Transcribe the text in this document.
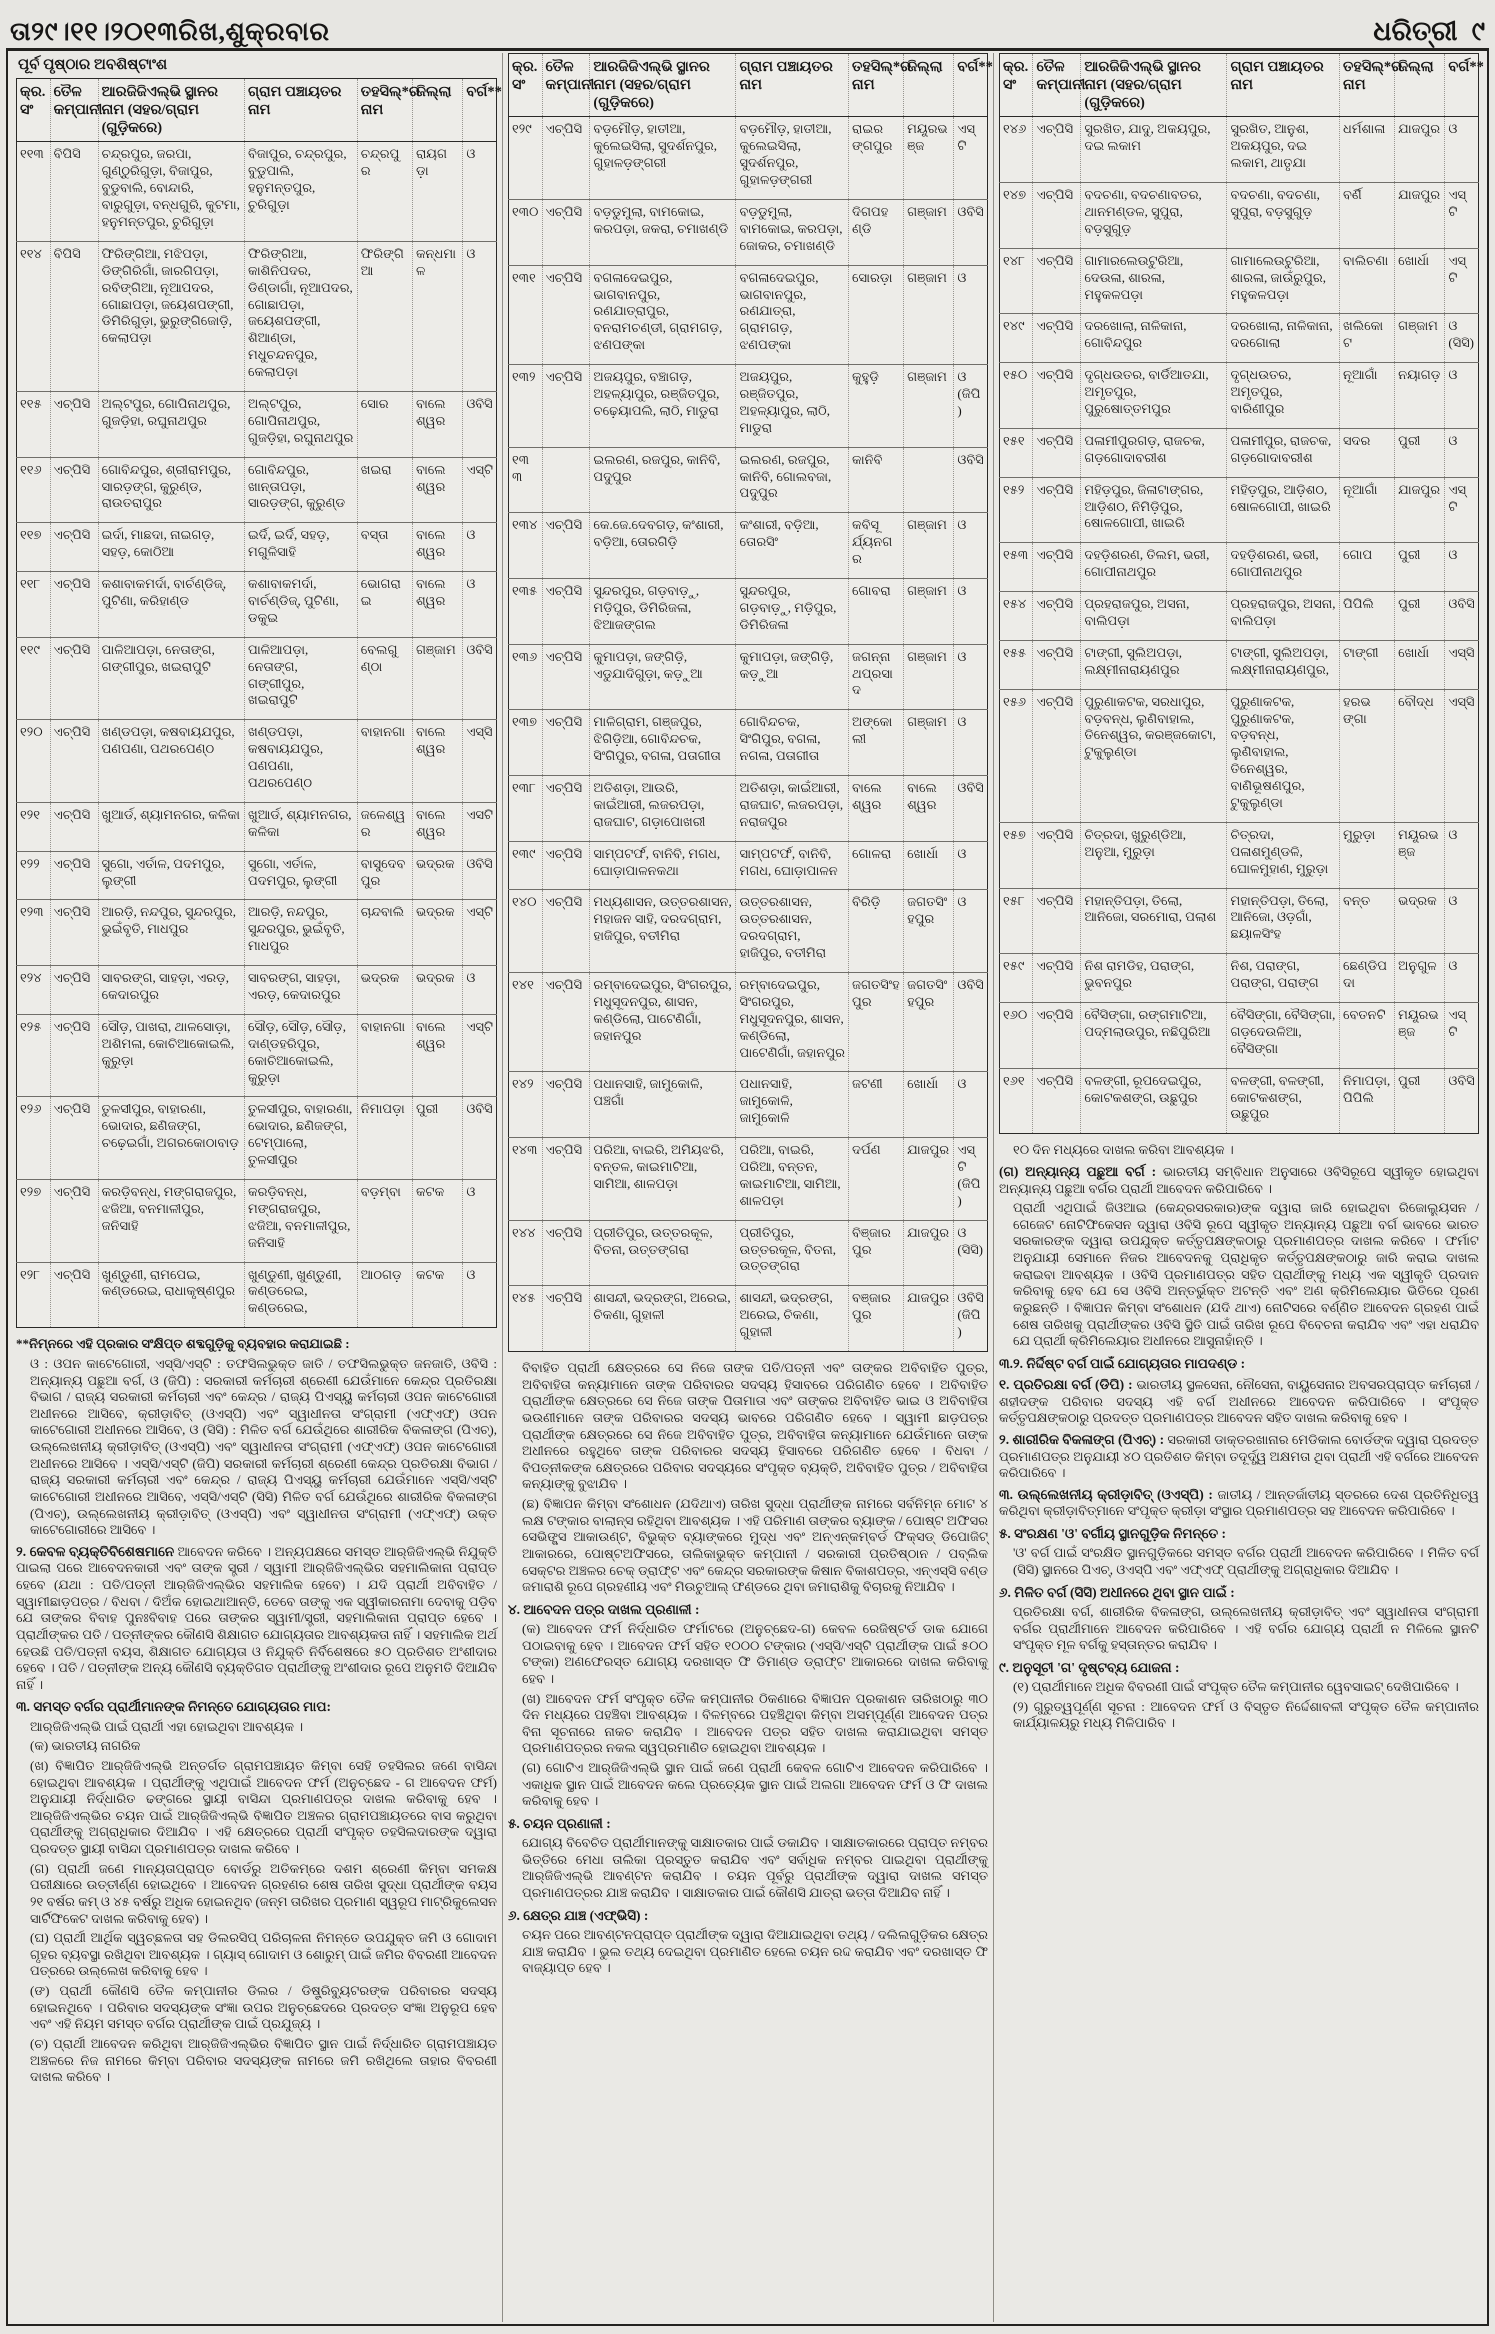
ତା୨୯।୧୧।୨୦୧୩ରିଖ,ଶୁକ୍ରବାର	ଧରିତ୍ରୀ ୯
ପୂର୍ବ ପୃଷ୍ଠାର ଅବଶିଷ୍ଟାଂଶ
କ୍ର. ସଂ	ତୈଳ କମ୍ପାନୀ	ଆରଜିଜିଏଲ୍‌ଭି ସ୍ଥାନର ନାମ (ସହର/ଗ୍ରାମ (ଗୁଡ଼ିକରେ)	ଗ୍ରାମ ପଞ୍ଚାୟତର ନାମ	ତହସିଲ୍‌*ର ନାମ	ଜିଲ୍ଲା	ବର୍ଗ**
୧୧୩	ବିପିସି	ଚନ୍ଦ୍ରପୁର, ଜରପା, ଗୁଣ୍ଠୁରିଗୁଡ଼ା, ବିଜାପୁର, ବୁଡୁବାଲି, ବୋନ୍ଦାରି, ବାରୁଗୁଡ଼ା, ବନ୍ଧଗୁରି, କୁଟମା, ହନୁମନ୍ତପୁର, ଚୁରିଗୁଡ଼ା	ବିଜାପୁର, ଚନ୍ଦ୍ରପୁର, ବୁଡୁପାଲି, ହନୁମନ୍ତପୁର, ଚୁରିଗୁଡ଼ା	ଚନ୍ଦ୍ରପୁର	ରାୟଗଡ଼ା	ଓ
୧୧୪	ବିପିସି	ଫିରିଙ୍ଗିଆ, ମଝିପଡ଼ା, ଡିଙ୍ଗିରିଗାଁ, ଜାରଗିପଡ଼ା, ରବିଙ୍ଗିଆ, ନୂଆପଦର, ଗୋଛାପଡ଼ା, ଜୟେଶପଙ୍ଗୀ, ଡିମିରିଗୁଡ଼ା, ଭୁରୁଙ୍ଗିଜୋଡ଼ି, କେଲାପଡ଼ା	ଫିରିଙ୍ଗିଆ, କାଶିନିପଦର, ଡିଣ୍ଡାଗାଁ, ନୂଆପଦର, ଗୋଛାପଡ଼ା, ଜୟେଶପଙ୍ଗୀ, ଶିଆଣ୍ଡା, ମଧୁଚନ୍ଦନପୁର, କେଲାପଡ଼ା	ଫିରିଙ୍ଗିଆ	କନ୍ଧମାଳ	ଓ
୧୧୫	ଏଚ୍‌ପିସି	ଅଲ୍ଟପୁର, ଗୋପିନାଥପୁର, ଗୁଜଡ଼ିହା, ରଘୁନାଥପୁର	ଅଲ୍ଟପୁର, ଗୋପିନାଥପୁର, ଗୁଜଡ଼ିହା, ରଘୁନାଥପୁର	ସୋର	ବାଲେଶ୍ୱର	ଓବିସି
୧୧୬	ଏଚ୍‌ପିସି	ଗୋବିନ୍ଦପୁର, ଶ୍ରୀରାମପୁର, ସାରଡ଼ଙ୍ଗ, କୁରୁଣ୍ଡ, ରାଉତରାପୁର	ଗୋବିନ୍ଦପୁର, ଖାନ୍ତାପଡ଼ା, ସାରଡ଼ଙ୍ଗ, କୁରୁଣ୍ଡ	ଖଇରା	ବାଲେଶ୍ୱର	ଏସ୍‌ଟି
୧୧୭	ଏଚ୍‌ପିସି	ଇର୍ଦା, ମାଛଦା, ନାଇଗଡ଼, ସହଡ଼, କୋଠିଆ	ଇର୍ଦି, ଇର୍ଦି, ସହଡ଼, ମଗୁଳିସାହି	ବସ୍ତା	ବାଲେଶ୍ୱର	ଓ
୧୧୮	ଏଚ୍‌ପିସି	କଶାବାକମର୍ଦା, ବାର୍ଚଣ୍ଡିଜ୍, ପୁଟିଣା, କରିହାଣ୍ଡ	କଶାବାକମର୍ଦା, ବାର୍ଚଣ୍ଡିଜ୍, ପୁଟିଣା, ଡକୁଇ	ଭୋଗରାଇ	ବାଲେଶ୍ୱର	ଓ
୧୧୯	ଏଚ୍‌ପିସି	ପାଳିଆପଡ଼ା, ନେତାଙ୍ଗ, ଗଙ୍ଗୀପୁର, ଖଇରାପୁଟି	ପାଳିଆପଡ଼ା, ନେତାଙ୍ଗ, ଗଙ୍ଗୀପୁର, ଖଇରାପୁଟି	ବେଲଗୁଣ୍ଠା	ଗଞ୍ଜାମ	ଓବିସି
୧୨୦	ଏଚ୍‌ପିସି	ଖଣ୍ଡପଡ଼ା, କଷବାୟଯପୁର, ପଣପଣା, ପଥରପେଣ୍ଠ	ଖଣ୍ଡପଡ଼ା, କଷବାୟଯପୁର, ପଣପଣା, ପଥରପେଣ୍ଠ	ବାହାନଗା	ବାଲେଶ୍ୱର	ଏସ୍‌ସି
୧୨୧	ଏଚ୍‌ପିସି	ଖୁଆର୍ଡ, ଶ୍ୟାମନଗର, କଳିକା	ଖୁଆର୍ଡ, ଶ୍ୟାମନଗର, କଳିକା	ଜଳେଶ୍ୱର	ବାଲେଶ୍ୱର	ଏସଟି
୧୨୨	ଏଚ୍‌ପିସି	ସୁଗୋ, ଏର୍ତାଳ, ପଦମପୁର, ଲୁଙ୍ଗୀ	ସୁଗୋ, ଏର୍ତାଳ, ପଦମପୁର, ଲୁଙ୍ଗୀ	ବାସୁଦେବପୁର	ଭଦ୍ରକ	ଓବିସି
୧୨୩	ଏଚ୍‌ପିସି	ଆରଡ଼ି, ନନ୍ଦପୁର, ସୁନ୍ଦରପୁର, ଭୁଇଁବୃତି, ମାଧପୁର	ଆରଡ଼ି, ନନ୍ଦପୁର, ସୁନ୍ଦରପୁର, ଭୁଇଁବୃତି, ମାଧପୁର	ଚାନ୍ଦବାଲି	ଭଦ୍ରକ	ଏସ୍‌ଟି
୧୨୪	ଏଚ୍‌ପିସି	ସାବରଙ୍ଗ, ସାହଡ଼ା, ଏରଡ଼, କେଦାରପୁର	ସାବରଙ୍ଗ, ସାହଡ଼ା, ଏରଡ଼, କେଦାରପୁର	ଭଦ୍ରକ	ଭଦ୍ରକ	ଓ
୧୨୫	ଏଚ୍‌ପିସି	ସୌଡ଼, ପାଖରା, ଥାଳସୋଡ଼ା, ଅଶିମଳା, କୋଚିଆକୋଇଲି, କୁରୁଡ଼ା	ସୌଡ଼, ସୌଡ଼, ସୌଡ଼, ଦାଣ୍ଡହରିପୁର, କୋଚିଆକୋଇଲି, କୁରୁଡ଼ା	ବାହାନଗା	ବାଲେଶ୍ୱର	ଏସ୍‌ଟି
୧୨୬	ଏଚ୍‌ପିସି	ତୁଳସୀପୁର, ବାହାରଣା, ଭୋଦାର, ଛଣିଜଙ୍ଗ, ଚଢ଼େଇଗାଁ, ଅଗରକୋଠାବାଡ଼	ତୁଳସୀପୁର, ବାହାରଣା, ଭୋଦାର, ଛଣିଜଙ୍ଗ, ଟେମ୍ପାଲୋ, ତୁଳସୀପୁର	ନିମାପଡ଼ା	ପୁରୀ	ଓବିସି
୧୨୭	ଏଚ୍‌ପିସି	କରଡ଼ିବନ୍ଧ, ମଙ୍ଗରାଜପୁର, ଝଜିଆ, ବନମାଳୀପୁର, ଜନିସାହି	କରଡ଼ିବନ୍ଧ, ମଙ୍ଗରାଜପୁର, ଝଜିଆ, ବନମାଳୀପୁର, ଜନିସାହି	ବଡ଼ମ୍ବା	କଟକ	ଓ
୧୨୮	ଏଚ୍‌ପିସି	ଖୁଣ୍ଡୁଣୀ, ରାମପେଇ, କଣ୍ଡରେଇ, ରାଧାକୃଷ୍ଣପୁର	ଖୁଣ୍ଡୁଣୀ, ଖୁଣ୍ଡୁଣୀ, କଣ୍ଡରେଇ, କଣ୍ଡରେଇ,	ଆଠଗଡ଼	କଟକ	ଓ

**ନିମ୍ନରେ ଏହି ପ୍ରକାର ସଂକ୍ଷିପ୍ତ ଶବ୍ଦଗୁଡ଼ିକୁ ବ୍ୟବହାର କରାଯାଇଛି :

ଓ : ଓପନ କାଟେଗୋରୀ, ଏସ୍‌ସି/ଏସ୍‌ଟି : ତଫସିଲଭୁକ୍ତ ଜାତି / ତଫସିଲଭୁକ୍ତ ଜନଜାତି, ଓବିସି : ଅନ୍ୟାନ୍ୟ ପଛୁଆ ବର୍ଗ, ଓ (ଜିପି) : ସରକାରୀ କର୍ମଚାରୀ ଶ୍ରେଣୀ ଯେଉଁମାନେ କେନ୍ଦ୍ର ପ୍ରତିରକ୍ଷା ବିଭାଗ / ରାଜ୍ୟ ସରକାରୀ କର୍ମଚାରୀ ଏବଂ କେନ୍ଦ୍ର / ରାଜ୍ୟ ପିଏସ୍‌ୟୁ କର୍ମଚାରୀ ଓପନ କାଟେଗୋରୀ ଅଧୀନରେ ଆସିବେ, କ୍ରୀଡ଼ାବିତ୍ (ଓଏସ୍‌ପି) ଏବଂ ସ୍ୱାଧୀନତା ସଂଗ୍ରାମୀ (ଏଫ୍‌ଏଫ୍) ଓପନ କାଟେଗୋରୀ ଅଧୀନରେ ଆସିବେ, ଓ (ସିସି) : ମିଳିତ ବର୍ଗ ଯେଉଁଥିରେ ଶାରୀରିକ ବିକଳାଙ୍ଗ (ପିଏଚ୍), ଉଲ୍ଲେଖନୀୟ କ୍ରୀଡ଼ାବିତ୍ (ଓଏସ୍‌ପି) ଏବଂ ସ୍ୱାଧୀନତା ସଂଗ୍ରାମୀ (ଏଫ୍‌ଏଫ୍) ଓପନ କାଟେଗୋରୀ ଅଧୀନରେ ଆସିବେ । ଏସ୍‌ସି/ଏସ୍‌ଟି (ଜିପି) ସରକାରୀ କର୍ମଚାରୀ ଶ୍ରେଣୀ କେନ୍ଦ୍ର ପ୍ରତିରକ୍ଷା ବିଭାଗ / ରାଜ୍ୟ ସରକାରୀ କର୍ମଚାରୀ ଏବଂ କେନ୍ଦ୍ର / ରାଜ୍ୟ ପିଏସ୍‌ୟୁ କର୍ମଚାରୀ ଯେଉଁମାନେ ଏସ୍‌ସି/ଏସ୍‌ଟି କାଟେଗୋରୀ ଅଧୀନରେ ଆସିବେ, ଏସ୍‌ସି/ଏସ୍‌ଟି (ସିସି) ମିଳିତ ବର୍ଗ ଯେଉଁଥିରେ ଶାରୀରିକ ବିକଳାଙ୍ଗ (ପିଏଚ୍), ଉଲ୍ଲେଖନୀୟ କ୍ରୀଡ଼ାବିତ୍ (ଓଏସ୍‌ପି) ଏବଂ ସ୍ୱାଧୀନତା ସଂଗ୍ରାମୀ (ଏଫ୍‌ଏଫ୍) ଉକ୍ତ କାଟେଗୋରୀରେ ଆସିବେ ।

୨. କେବଳ ବ୍ୟକ୍ତିବିଶେଷମାନେ ଆବେଦନ କରିବେ । ଅନ୍ୟପକ୍ଷରେ ସମସ୍ତ ଆର୍‌ଜିଜିଏଲ୍‌ଭି ନିଯୁକ୍ତି ପାଇଲା ପରେ ଆବେଦନକାରୀ ଏବଂ ତାଙ୍କ ସ୍ତ୍ରୀ / ସ୍ୱାମୀ ଆର୍‌ଜିଜିଏଲ୍‌ଭିର ସହମାଲିକାନା ପ୍ରାପ୍ତ ହେବେ (ଯଥା : ପତି/ପତ୍ନୀ ଆର୍‌ଜିଜିଏଲ୍‌ଭିର ସହମାଲିକ ହେବେ) । ଯଦି ପ୍ରାର୍ଥୀ ଅବିବାହିତ / ସ୍ୱାମୀଛାଡ଼ପତ୍ର / ବିଧବା / ଦିଅଁକ ହୋଇଥାଆନ୍ତି, ତେବେ ତାଙ୍କୁ ଏକ ସ୍ୱୀକାରନାମା ଦେବାକୁ ପଡ଼ିବ ଯେ ତାଙ୍କର ବିବାହ ପୁନଃବିବାହ ପରେ ତାଙ୍କର ସ୍ୱାମୀ/ସ୍ତ୍ରୀ, ସହମାଲିକାନା ପ୍ରାପ୍ତ ହେବେ । ପ୍ରାର୍ଥୀଙ୍କର ପତି / ପତ୍ନୀଙ୍କର କୌଣସି ଶିକ୍ଷାଗତ ଯୋଗ୍ୟତାର ଆବଶ୍ୟକତା ନାହିଁ । ସହମାଲିକ ଅର୍ଥ ହେଉଛି ପତି/ପତ୍ନୀ ବୟସ, ଶିକ୍ଷାଗତ ଯୋଗ୍ୟତା ଓ ନିଯୁକ୍ତି ନିର୍ବିଶେଷରେ ୫୦ ପ୍ରତିଶତ ଅଂଶୀଦାର ହେବେ । ପତି / ପତ୍ନୀଙ୍କ ଅନ୍ୟ କୌଣସି ବ୍ୟକ୍ତିଗତ ପ୍ରାର୍ଥୀଙ୍କୁ ଅଂଶୀଦାର ରୂପେ ଅନୁମତି ଦିଆଯିବ ନାହିଁ ।

୩. ସମସ୍ତ ବର୍ଗର ପ୍ରାର୍ଥୀମାନଙ୍କ ନିମନ୍ତେ ଯୋଗ୍ୟତାର ମାପ:

ଆର୍‌ଜିଜିଏଲ୍‌ଭି ପାଇଁ ପ୍ରାର୍ଥୀ ଏହା ହୋଇଥିବା ଆବଶ୍ୟକ ।

(କ) ଭାରତୀୟ ନାଗରିକ

(ଖ) ବିଜ୍ଞାପିତ ଆର୍‌ଜିଜିଏଲ୍‌ଭି ଅନ୍ତର୍ଗତ ଗ୍ରାମପଞ୍ଚାୟତ କିମ୍ବା ସେହି ତହସିଲର ଜଣେ ବାସିନ୍ଦା ହୋଇଥିବା ଆବଶ୍ୟକ । ପ୍ରାର୍ଥୀଙ୍କୁ ଏଥିପାଇଁ ଆବେଦନ ଫର୍ମ (ଅନୁଚ୍ଛେଦ - ଗ ଆବେଦନ ଫର୍ମ) ଅନୁଯାୟୀ ନିର୍ଦ୍ଧାରିତ ଢଙ୍ଗରେ ସ୍ଥାୟୀ ବାସିନ୍ଦା ପ୍ରମାଣପତ୍ର ଦାଖଲ କରିବାକୁ ହେବ । ଆର୍‌ଜିଜିଏଲ୍‌ଭିର ଚୟନ ପାଇଁ ଆର୍‌ଜିଜିଏଲ୍‌ଭି ବିଜ୍ଞାପିତ ଅଞ୍ଚଳର ଗ୍ରାମପଞ୍ଚାୟତରେ ବାସ କରୁଥିବା ପ୍ରାର୍ଥୀଙ୍କୁ ଅଗ୍ରାଧିକାର ଦିଆଯିବ । ଏହି କ୍ଷେତ୍ରରେ ପ୍ରାର୍ଥୀ ସଂପୃକ୍ତ ତହସିଲଦାରଙ୍କ ଦ୍ୱାରା ପ୍ରଦତ୍ତ ସ୍ଥାୟୀ ବାସିନ୍ଦା ପ୍ରମାଣପତ୍ର ଦାଖଲ କରିବେ ।

(ଗ) ପ୍ରାର୍ଥୀ ଜଣେ ମାନ୍ୟତାପ୍ରାପ୍ତ ବୋର୍ଡରୁ ଅତିକମ୍‌ରେ ଦଶମ ଶ୍ରେଣୀ କିମ୍ବା ସମକକ୍ଷ ପରୀକ୍ଷାରେ ଉତ୍ତୀର୍ଣ୍ଣ ହୋଇଥିବେ । ଆବେଦନ ଗ୍ରହଣର ଶେଷ ତାରିଖ ସୁଦ୍ଧା ପ୍ରାର୍ଥୀଙ୍କ ବୟସ ୨୧ ବର୍ଷର କମ୍ ଓ ୪୫ ବର୍ଷରୁ ଅଧିକ ହୋଇନଥିବ (ଜନ୍ମ ତାରିଖର ପ୍ରମାଣ ସ୍ୱରୂପ ମାଟ୍ରିକୁଲେସନ ସାର୍ଟିଫିକେଟ ଦାଖଲ କରିବାକୁ ହେବ) ।

(ଘ) ପ୍ରାର୍ଥୀ ଆର୍ଥିକ ସ୍ୱଚ୍ଛଳତା ସହ ଡିଲରସିପ୍ ପରିଚାଳନା ନିମନ୍ତେ ଉପଯୁକ୍ତ ଜମି ଓ ଗୋଦାମ ଗୃହର ବ୍ୟବସ୍ଥା ରଖିଥିବା ଆବଶ୍ୟକ । ଗ୍ୟାସ୍ ଗୋଦାମ ଓ ଶୋରୁମ୍ ପାଇଁ ଜମିର ବିବରଣୀ ଆବେଦନ ପତ୍ରରେ ଉଲ୍ଲେଖ କରିବାକୁ ହେବ ।

(ଙ) ପ୍ରାର୍ଥୀ କୌଣସି ତୈଳ କମ୍ପାନୀର ଡିଲର / ଡିଷ୍ଟ୍ରିବ୍ୟୁଟରଙ୍କ ପରିବାରର ସଦସ୍ୟ ହୋଇନଥିବେ । ପରିବାର ସଦସ୍ୟଙ୍କ ସଂଜ୍ଞା ଉପର ଅନୁଚ୍ଛେଦରେ ପ୍ରଦତ୍ତ ସଂଜ୍ଞା ଅନୁରୂପ ହେବ ଏବଂ ଏହି ନିୟମ ସମସ୍ତ ବର୍ଗର ପ୍ରାର୍ଥୀଙ୍କ ପାଇଁ ପ୍ରଯୁଜ୍ୟ ।

(ଚ) ପ୍ରାର୍ଥୀ ଆବେଦନ କରିଥିବା ଆର୍‌ଜିଜିଏଲ୍‌ଭିର ବିଜ୍ଞାପିତ ସ୍ଥାନ ପାଇଁ ନିର୍ଦ୍ଧାରିତ ଗ୍ରାମପଞ୍ଚାୟତ ଅଞ୍ଚଳରେ ନିଜ ନାମରେ କିମ୍ବା ପରିବାର ସଦସ୍ୟଙ୍କ ନାମରେ ଜମି ରଖିଥିଲେ ତାହାର ବିବରଣୀ ଦାଖଲ କରିବେ ।

କ୍ର. ସଂ	ତୈଳ କମ୍ପାନୀ	ଆରଜିଜିଏଲ୍‌ଭି ସ୍ଥାନର ନାମ (ସହର/ଗ୍ରାମ (ଗୁଡ଼ିକରେ)	ଗ୍ରାମ ପଞ୍ଚାୟତର ନାମ	ତହସିଲ୍‌*ର ନାମ	ଜିଲ୍ଲା	ବର୍ଗ**
୧୨୯	ଏଚ୍‌ପିସି	ବଡ଼ମୌଡ଼, ହାତୀଆ, କୁଲେଇସିଲା, ସୁଦର୍ଶନପୁର, ଗୁହାଳଡ଼ଙ୍ଗରୀ	ବଡ଼ମୌଡ଼, ହାତୀଆ, କୁଲେଇସିଲା, ସୁଦର୍ଶନପୁର, ଗୁହାଳଡ଼ଙ୍ଗରୀ	ରାଇରଙ୍ଗପୁର	ମୟୂରଭଞ୍ଜ	ଏସ୍‌ଟି
୧୩୦	ଏଚ୍‌ପିସି	ବଡ଼ଡୁମୁଲା, ବାମକୋଇ, କରପଡ଼ା, ଜକରା, ଚମାଖଣ୍ଡି	ବଡ଼ଡୁମୁଲା, ବାମକୋଇ, କରପଡ଼ା, ଜୋକର, ଚମାଖଣ୍ଡି	ଦିଗପହଣ୍ଡି	ଗଞ୍ଜାମ	ଓବିସି
୧୩୧	ଏଚ୍‌ପିସି	ବଗଳାଦେଇପୁର, ଭାଗବାନପୁର, ରଣଯାତ୍ରାପୁର, ବନରାମଚଣ୍ଡୀ, ଗ୍ରାମଗଡ଼, ଝଣପଙ୍କା	ବଗଳାଦେଇପୁର, ଭାଗବାନପୁର, ରଣଯାତ୍ରା, ଗ୍ରାମଗଡ଼, ଝଣପଙ୍କା	ସୋରଡ଼ା	ଗଞ୍ଜାମ	ଓ
୧୩୨	ଏଚ୍‌ପିସି	ଅଜୟପୁର, ବଞ୍ଚାଗଡ଼, ଅହଳ୍ୟାପୁର, ରଞ୍ଜିତପୁର, ଚଢ଼େୟାପଲି, ଲାଠି, ମାଡୁରା	ଅଜୟପୁର, ରଞ୍ଜିତପୁର, ଅହଳ୍ୟାପୁର, ଲାଠି, ମାଡୁରା	କୁହୁଡ଼ି	ଗଞ୍ଜାମ	ଓ (ଜିପି)
୧୩୩		ଇଲରଣ, ରଜପୁର, କାନିବି, ପଦୁପୁର	ଇଲରଣ, ରଜପୁର, କାନିବି, ଗୋଲବଜା, ପଦୁପୁର	କାନିବି		ଓବିସି
୧୩୪	ଏଚ୍‌ପିସି	କେ.ଜେ.ଦେବଗଡ଼, କଂଶାରୀ, ବଡ଼ିଆ, ତୋରଗିଡ଼ି	କଂଶାରୀ, ବଡ଼ିଆ, ତୋରସିଂ	କବିସୂର୍ଯ୍ୟନଗର	ଗଞ୍ଜାମ	ଓ
୧୩୫	ଏଚ୍‌ପିସି	ସୁନ୍ଦରପୁର, ଗଡ଼ବାଡ଼ୁ, ମଡ଼ିପୁର, ଡିମିରିଜଳା, ଝିଆଜଙ୍ଗଲ	ସୁନ୍ଦରପୁର, ଗଡ଼ବାଡ଼ୁ, ମଡ଼ିପୁର, ଡିମିରିଜଳା	ଗୋବରା	ଗଞ୍ଜାମ	ଓ
୧୩୬	ଏଚ୍‌ପିସି	କୁମାପଡ଼ା, ଜଙ୍ଗିଡ଼ି, ଏଡୁଯାଦିଗୁଡ଼ା, କଡ଼ୁଆ	କୁମାପଡ଼ା, ଜଙ୍ଗିଡ଼ି, କଡ଼ୁଆ	ଜଗନ୍ନାଥପ୍ରସାଦ	ଗଞ୍ଜାମ	ଓ
୧୩୭	ଏଚ୍‌ପିସି	ମାଳିଗ୍ରାମ, ଗଞ୍ଜପୁର, ଝିଗିଡ଼ିଆ, ଗୋବିନ୍ଦଚକ, ସିଂଗିପୁର, ବଗଳା, ପତାଗୀତା	ଗୋବିନ୍ଦଚକ, ସିଂଗିପୁର, ବଗଳା, ନଗଳା, ପତାଗୀତା	ଅଙ୍କୋଲୀ	ଗଞ୍ଜାମ	ଓ
୧୩୮	ଏଚ୍‌ପିସି	ଅତିଶଡ଼ା, ଆଉରି, କାଇଁଆରୀ, ଲଜରପଡ଼ା, ରାଜଘାଟ, ଗଡ଼ାପୋଖରୀ	ଅତିଶଡ଼ା, କାଇଁଆରୀ, ରାଜଘାଟ, ଲଜରପଡ଼ା, ନରାଜପୁର	ବାଲେଶ୍ୱର	ବାଲେଶ୍ୱର	ଓବିସି
୧୩୯	ଏଚ୍‌ପିସି	ସାମ୍ପଟର୍ଫ, ବାନିବି, ମଗଧ, ଘୋଡ଼ାପାଳନକଥା	ସାମ୍ପଟର୍ଫ, ବାନିବି, ମଗଧ, ଘୋଡ଼ାପାଳନ	ଗୋଳରା	ଖୋର୍ଧା	ଓ
୧୪୦	ଏଚ୍‌ପିସି	ମଧ୍ୟଶାସନ, ଉତ୍ତରଶାସନ, ମହାଜନ ସାହି, ଦରଦଗ୍ରାମ, ହାଜିପୁର, ବତୀମିରା	ଉତ୍ତରଶାସନ, ଉତ୍ତରଶାସନ, ଦରଦଗ୍ରାମ, ହାଜିପୁର, ବତୀମିରା	ବିରିଡ଼ି	ଜଗତସିଂହପୁର	ଓ
୧୪୧	ଏଚ୍‌ପିସି	ରମ୍ବାଦେଇପୁର, ସିଂଗରପୁର, ମଧୁସୂଦନପୁର, ଶାସନ, କଣ୍ଡିଲୋ, ପାଟେଣିଗାଁ, ଜହାନପୁର	ରମ୍ବାଦେଇପୁର, ସିଂଗରପୁର, ମଧୁସୂଦନପୁର, ଶାସନ, କଣ୍ଡିଲୋ, ପାଟେଣିଗାଁ, ଜହାନପୁର	ଜଗତସିଂହପୁର	ଜଗତସିଂହପୁର	ଓବିସି
୧୪୨	ଏଚ୍‌ପିସି	ପଧାନସାହି, ଜାମୁକୋଳି, ପଞ୍ଚଗାଁ	ପଧାନସାହି, ଜାମୁକୋଳି, ଜାମୁକୋଳି	ଜଟଣୀ	ଖୋର୍ଧା	ଓ
୧୪୩	ଏଚ୍‌ପିସି	ପରିଆ, ବାଇରି, ଅମିୟଝରି, ବନ୍ତଳ, କାଇମାଟିଆ, ସାମିଆ, ଶାଳପଡ଼ା	ପରିଆ, ବାଇରି, ପରିଆ, ବନ୍ତନ, କାଇମାଟିଆ, ସାମିଆ, ଶାଳପଡ଼ା	ଦର୍ପଣ	ଯାଜପୁର	ଏସ୍‌ଟି (ଜିପି)
୧୪୪	ଏଚ୍‌ପିସି	ପ୍ରୀତିପୁର, ଉତ୍ତରକୂଳ, ବିତନା, ଉତ୍ତଙ୍ଗରା	ପ୍ରୀତିପୁର, ଉତ୍ତରକୂଳ, ବିତନା, ଉତ୍ତଙ୍ଗରା	ବିଞ୍ଜାରପୁର	ଯାଜପୁର	ଓ (ସିସି)
୧୪୫	ଏଚ୍‌ପିସି	ଶାସନ୍ଦୀ, ଭଦ୍ରଙ୍ଗ, ଅରେଇ, ଚିକଣା, ଗୁହାଳୀ	ଶାସନ୍ଦୀ, ଭଦ୍ରଙ୍ଗ, ଅରେଇ, ଚିକଣା, ଗୁହାଳୀ	ବଞ୍ଜାରପୁର	ଯାଜପୁର	ଓବିସି (ଜିପି)

ବିବାହିତ ପ୍ରାର୍ଥୀ କ୍ଷେତ୍ରରେ ସେ ନିଜେ ତାଙ୍କ ପତି/ପତ୍ନୀ ଏବଂ ତାଙ୍କର ଅବିବାହିତ ପୁତ୍ର, ଅବିବାହିତା କନ୍ୟାମାନେ ତାଙ୍କ ପରିବାରର ସଦସ୍ୟ ହିସାବରେ ପରିଗଣିତ ହେବେ । ଅବିବାହିତ ପ୍ରାର୍ଥୀଙ୍କ କ୍ଷେତ୍ରରେ ସେ ନିଜେ ତାଙ୍କ ପିତାମାତା ଏବଂ ତାଙ୍କର ଅବିବାହିତ ଭାଇ ଓ ଅବିବାହିତା ଭଉଣୀମାନେ ତାଙ୍କ ପରିବାରର ସଦସ୍ୟ ଭାବରେ ପରିଗଣିତ ହେବେ । ସ୍ୱାମୀ ଛାଡ଼ପତ୍ର ପ୍ରାର୍ଥୀଙ୍କ କ୍ଷେତ୍ରରେ ସେ ନିଜେ ଅବିବାହିତ ପୁତ୍ର, ଅବିବାହିତା କନ୍ୟାମାନେ ଯେଉଁମାନେ ତାଙ୍କ ଅଧୀନରେ ରହୁଥିବେ ତାଙ୍କ ପରିବାରର ସଦସ୍ୟ ହିସାବରେ ପରିଗଣିତ ହେବେ । ବିଧବା / ବିପତ୍ନୀକଙ୍କ କ୍ଷେତ୍ରରେ ପରିବାର ସଦସ୍ୟରେ ସଂପୃକ୍ତ ବ୍ୟକ୍ତି, ଅବିବାହିତ ପୁତ୍ର / ଅବିବାହିତା କନ୍ୟାଙ୍କୁ ବୁଝାଯିବ ।

(ଛ) ବିଜ୍ଞାପନ କିମ୍ବା ସଂଶୋଧନ (ଯଦିଥାଏ) ତାରିଖ ସୁଦ୍ଧା ପ୍ରାର୍ଥୀଙ୍କ ନାମରେ ସର୍ବନିମ୍ନ ମୋଟ ୪ ଲକ୍ଷ ଟଙ୍କାର ବାଲାନ୍ସ ରହିଥିବା ଆବଶ୍ୟକ । ଏହି ପରିମାଣ ତାଙ୍କର ବ୍ୟାଙ୍କ / ପୋଷ୍ଟ ଅଫିସର ସେଭିଙ୍ଗ୍ସ ଆକାଉଣ୍ଟ, ବିଭୁକ୍ତ ବ୍ୟାଙ୍କରେ ମୁଦ୍ଧ ଏବଂ ଅନ୍‌ଏନ୍‌କମ୍ବର୍ଡ ଫିକ୍ସଡ୍ ଡିପୋଜିଟ୍ ଆକାରରେ, ପୋଷ୍ଟଅଫିସରେ, ତାଲିକାଭୁକ୍ତ କମ୍ପାନୀ / ସରକାରୀ ପ୍ରତିଷ୍ଠାନ / ପବ୍ଲିକ ସେକ୍ଟର ଅଞ୍ଚଳର ଚେକ୍ ଡ୍ରାଫ୍ଟ ଏବଂ କେନ୍ଦ୍ର ସରକାରଙ୍କ କିଷାନ ବିକାଶପତ୍ର, ଏନ୍‌ଏସ୍‌ସି ବଣ୍ଡ ଜମାରାଶି ରୂପେ ଗ୍ରହଣୀୟ ଏବଂ ମିଉଚୁଆଲ୍ ଫଣ୍ଡରେ ଥିବା ଜମାରାଶିକୁ ବିଚାରକୁ ନିଆଯିବ ।

୪. ଆବେଦନ ପତ୍ର ଦାଖଲ ପ୍ରଣାଳୀ :

(କ) ଆବେଦନ ଫର୍ମ ନିର୍ଦ୍ଧାରିତ ଫର୍ମାଟରେ (ଅନୁଚ୍ଛେଦ-ଗ) କେବଳ ରେଜିଷ୍ଟର୍ଡ ଡାକ ଯୋଗେ ପଠାଇବାକୁ ହେବ । ଆବେଦନ ଫର୍ମ ସହିତ ୧୦୦୦ ଟଙ୍କାର (ଏସ୍‌ସି/ଏସ୍‌ଟି ପ୍ରାର୍ଥୀଙ୍କ ପାଇଁ ୫୦୦ ଟଙ୍କା) ଅଣଫେରସ୍ତ ଯୋଗ୍ୟ ଦରଖାସ୍ତ ଫି ଡିମାଣ୍ଡ ଡ୍ରାଫ୍ଟ ଆକାରରେ ଦାଖଲ କରିବାକୁ ହେବ ।

(ଖ) ଆବେଦନ ଫର୍ମ ସଂପୃକ୍ତ ତୈଳ କମ୍ପାନୀର ଠିକଣାରେ ବିଜ୍ଞାପନ ପ୍ରକାଶନ ତାରିଖଠାରୁ ୩୦ ଦିନ ମଧ୍ୟରେ ପହଞ୍ଚିବା ଆବଶ୍ୟକ । ବିଳମ୍ବରେ ପହଞ୍ଚିଥିବା କିମ୍ବା ଅସମ୍ପୂର୍ଣ୍ଣ ଆବେଦନ ପତ୍ର ବିନା ସୂଚନାରେ ନାକଚ କରାଯିବ । ଆବେଦନ ପତ୍ର ସହିତ ଦାଖଲ କରାଯାଇଥିବା ସମସ୍ତ ପ୍ରମାଣପତ୍ରର ନକଲ ସ୍ୱପ୍ରମାଣିତ ହୋଇଥିବା ଆବଶ୍ୟକ ।

(ଗ) ଗୋଟିଏ ଆର୍‌ଜିଜିଏଲ୍‌ଭି ସ୍ଥାନ ପାଇଁ ଜଣେ ପ୍ରାର୍ଥୀ କେବଳ ଗୋଟିଏ ଆବେଦନ କରିପାରିବେ । ଏକାଧିକ ସ୍ଥାନ ପାଇଁ ଆବେଦନ କଲେ ପ୍ରତ୍ୟେକ ସ୍ଥାନ ପାଇଁ ଅଲଗା ଆବେଦନ ଫର୍ମ ଓ ଫି ଦାଖଲ କରିବାକୁ ହେବ ।

୫. ଚୟନ ପ୍ରଣାଳୀ :

ଯୋଗ୍ୟ ବିବେଚିତ ପ୍ରାର୍ଥୀମାନଙ୍କୁ ସାକ୍ଷାତକାର ପାଇଁ ଡକାଯିବ । ସାକ୍ଷାତକାରରେ ପ୍ରାପ୍ତ ନମ୍ବର ଭିତ୍ତିରେ ମେଧା ତାଲିକା ପ୍ରସ୍ତୁତ କରାଯିବ ଏବଂ ସର୍ବାଧିକ ନମ୍ବର ପାଇଥିବା ପ୍ରାର୍ଥୀଙ୍କୁ ଆର୍‌ଜିଜିଏଲ୍‌ଭି ଆବଣ୍ଟନ କରାଯିବ । ଚୟନ ପୂର୍ବରୁ ପ୍ରାର୍ଥୀଙ୍କ ଦ୍ୱାରା ଦାଖଲ ସମସ୍ତ ପ୍ରମାଣପତ୍ରର ଯାଞ୍ଚ କରାଯିବ । ସାକ୍ଷାତକାର ପାଇଁ କୌଣସି ଯାତ୍ରା ଭତ୍ତା ଦିଆଯିବ ନାହିଁ ।

୬. କ୍ଷେତ୍ର ଯାଞ୍ଚ (ଏଫ୍‌ଭିସି) :

ଚୟନ ପରେ ଆବଣ୍ଟନପ୍ରାପ୍ତ ପ୍ରାର୍ଥୀଙ୍କ ଦ୍ୱାରା ଦିଆଯାଇଥିବା ତଥ୍ୟ / ଦଲିଲଗୁଡ଼ିକର କ୍ଷେତ୍ର ଯାଞ୍ଚ କରାଯିବ । ଭୁଲ ତଥ୍ୟ ଦେଇଥିବା ପ୍ରମାଣିତ ହେଲେ ଚୟନ ରଦ୍ଦ କରାଯିବ ଏବଂ ଦରଖାସ୍ତ ଫି ବାଜ୍ୟାପ୍ତ ହେବ ।

କ୍ର. ସଂ	ତୈଳ କମ୍ପାନୀ	ଆରଜିଜିଏଲ୍‌ଭି ସ୍ଥାନର ନାମ (ସହର/ଗ୍ରାମ (ଗୁଡ଼ିକରେ)	ଗ୍ରାମ ପଞ୍ଚାୟତର ନାମ	ତହସିଲ୍‌*ର ନାମ	ଜିଲ୍ଲା	ବର୍ଗ**
୧୪୬	ଏଚ୍‌ପିସି	ସୁରଖିତ, ଯାଦୁ, ଅକୟପୁର, ଦଇ ଲକାମ	ସୁରଖିତ, ଆନୁଶ, ଅକୟପୁର, ଦଇ ଲକାମ, ଥାତୃଯା	ଧର୍ମଶାଳା	ଯାଜପୁର	ଓ
୧୪୭	ଏଚ୍‌ପିସି	ବଦଚଣା, ବଦଚଣାବତର, ଥାନମଣ୍ଡଳ, ସୁପୁରା, ବଡ଼ସୁଗୁଡ଼	ବଦଚଣା, ବଦଚଣା, ସୁପୁରା, ବଡ଼ସୁଗୁଡ଼	ବର୍ଣି	ଯାଜପୁର	ଏସ୍‌ଟି
୧୪୮	ଏଚ୍‌ପିସି	ଗାମାରଲେଉଟୁରିଆ, ଦେଉଳା, ଶାରଳା, ମହୁକଳପଡ଼ା	ଗାମାଲେଉଟୁରିଆ, ଶାରଳା, ଜାଉଁରୁପୁର, ମହୁକଳପଡ଼ା	ବାଲିଚଣା	ଖୋର୍ଧା	ଏସ୍‌ଟି
୧୪୯	ଏଚ୍‌ପିସି	ଦରଖୋଲା, ନାଳିକାନା, ଗୋବିନ୍ଦପୁର	ଦରଖୋଲା, ନାଳିକାନା, ଦରଗୋଲା	ଖଲିକୋଟ	ଗଞ୍ଜାମ	ଓ (ସିସି)
୧୫୦	ଏଚ୍‌ପିସି	ଦୃଗ୍ଧଉତର, ବାର୍ଡିଆତଯା, ଅମୃତପୁର, ପୁରୁଷୋତ୍ତମପୁର	ଦୃଗ୍ଧଉତର, ଅମୃତପୁର, ବାରିଣୀପୁର	ନୂଆଗାଁ	ନୟାଗଡ଼	ଓ
୧୫୧	ଏଚ୍‌ପିସି	ପଳାମୀପୁରଗଡ଼, ରାଜଚକ, ଗଡ଼ଗୋଦାବରୀଶ	ପଳାମୀପୁର, ରାଜଚକ, ଗଡ଼ଗୋଦାବରୀଶ	ସଦର	ପୁରୀ	ଓ
୧୫୨	ଏଚ୍‌ପିସି	ମହିଡ଼ପୁର, ଜିଳାଟାଙ୍ଗର, ଆଡ଼ିଶଠ, ନିମିଡ଼ିପୁର, ଷୋଳଗୋପୀ, ଖାଇରି	ମହିଡ଼ପୁର, ଆଡ଼ିଶଠ, ଷୋଳଗୋପୀ, ଖାଇରି	ନୂଆଗାଁ	ଯାଜପୁର	ଏସ୍‌ଟି
୧୫୩	ଏଚ୍‌ପିସି	ଦହଡ଼ିଶରଣ, ତିଲମ, ଭରୀ, ଗୋପୀନାଥପୁର	ଦହଡ଼ିଶରଣ, ଭରୀ, ଗୋପୀନାଥପୁର	ଗୋପ	ପୁରୀ	ଓ
୧୫୪	ଏଚ୍‌ପିସି	ପ୍ରହରାଜପୁର, ଅସନା, ବାଲିପଡ଼ା	ପ୍ରହରାଜପୁର, ଅସନା, ବାଲିପଡ଼ା	ପିପିଲି	ପୁରୀ	ଓବିସି
୧୫୫	ଏଚ୍‌ପିସି	ଟାଙ୍ଗୀ, ସୁଲିଅପଡ଼ା, ଲକ୍ଷ୍ମୀନାରାୟଣପୁର	ଟାଙ୍ଗୀ, ସୁଲିଅପଡ଼ା, ଲକ୍ଷ୍ମୀନାରାୟଣପୁର,	ଟାଙ୍ଗୀ	ଖୋର୍ଧା	ଏସ୍‌ସି
୧୫୬	ଏଚ୍‌ପିସି	ପୁରୁଣାକଟକ, ସରଧାପୁର, ବଡ଼ବନ୍ଧ, ଲୁଣିବାହାଲ, ତିନେଶ୍ୱର, କରଞ୍ଜକୋଟା, ଟୁକୁଲୁଣ୍ଡା	ପୁରୁଣାକଟକ, ପୁରୁଣାକଟକ, ବଡ଼ବନ୍ଧ, ଲୁଣିବାହାଲ, ତିନେଶ୍ୱର, ବାଣିଭୂଷଣପୁର, ଟୁକୁଲୁଣ୍ଡା	ହରଭଙ୍ଗା	ବୌଦ୍ଧ	ଏସ୍‌ସି
୧୫୭	ଏଚ୍‌ପିସି	ଚିତ୍ରଦା, ଖୁରୁଣ୍ଡିଆ, ଅନୁଆ, ମୁରୁଡ଼ା	ଚିତ୍ରଦା, ପଳାଶମୁଣ୍ଡଳି, ଘୋଳମୁହାଣ, ମୁରୁଡ଼ା	ମୁରୁଡ଼ା	ମୟୂରଭଞ୍ଜ	ଓ
୧୫୮	ଏଚ୍‌ପିସି	ମହାନ୍ତିପଡ଼ା, ତିଲୋ, ଆନିଜୋ, ସରମୋରା, ପଲାଶ	ମହାନ୍ତିପଡ଼ା, ତିଲୋ, ଆନିଜୋ, ଓଡ଼ଗାଁ, ଛୟାଳସିଂହ	ବନ୍ତ	ଭଦ୍ରକ	ଓ
୧୫୯	ଏଚ୍‌ପିସି	ନିଶ ରାମଡିହ, ପରାଙ୍ଗ, ଭୁବନପୁର	ନିଶ, ପରାଙ୍ଗ, ପରାଙ୍ଗ, ପରାଙ୍ଗ	ଛେଣ୍ଡିପଦା	ଅନୁଗୁଳ	ଓ
୧୬୦	ଏଚ୍‌ପିସି	ବୈସିଙ୍ଗା, ରଙ୍ଗମାଟିଆ, ପଦ୍ମଲାଉପୁର, ନଛିପୁରିଆ	ବୈସିଙ୍ଗା, ବୈସିଙ୍ଗା, ଗଡ଼ଦେଉଳିଆ, ବୈସିଙ୍ଗା	ବେତନଟି	ମୟୂରଭଞ୍ଜ	ଏସ୍‌ଟି
୧୬୧	ଏଚ୍‌ପିସି	ବଳଙ୍ଗୀ, ରୂପଦେଇପୁର, କୋଟକଶଙ୍ଗ, ଉଛୁପୁର	ବଳଙ୍ଗୀ, ବଳଙ୍ଗୀ, କୋଟକଶଙ୍ଗ, ଉଛୁପୁର	ନିମାପଡ଼ା, ପିପିଲି	ପୁରୀ	ଓବିସି

୧୦ ଦିନ ମଧ୍ୟରେ ଦାଖଲ କରିବା ଆବଶ୍ୟକ ।

(ଗ) ଅନ୍ୟାନ୍ୟ ପଛୁଆ ବର୍ଗ : ଭାରତୀୟ ସମ୍ବିଧାନ ଅନୁସାରେ ଓବିସିରୂପେ ସ୍ୱୀକୃତ ହୋଇଥିବା ଅନ୍ୟାନ୍ୟ ପଛୁଆ ବର୍ଗର ପ୍ରାର୍ଥୀ ଆବେଦନ କରିପାରିବେ ।

ପ୍ରାର୍ଥୀ ଏଥିପାଇଁ ଜିଓଆଇ (କେନ୍ଦ୍ରସରକାର)ଙ୍କ ଦ୍ୱାରା ଜାରି ହୋଇଥିବା ରିଜୋଲ୍ୟୁସନ / ଗେଜେଟ ନୋଟିଫିକେସନ ଦ୍ୱାରା ଓବିସି ରୂପେ ସ୍ୱୀକୃତ ଅନ୍ୟାନ୍ୟ ପଛୁଆ ବର୍ଗ ଭାବରେ ଭାରତ ସରକାରଙ୍କ ଦ୍ୱାରା ଉପଯୁକ୍ତ କର୍ତ୍ତୃପକ୍ଷଙ୍କଠାରୁ ପ୍ରମାଣପତ୍ର ଦାଖଲ କରିବେ । ଫର୍ମାଟ ଅନୁଯାୟୀ ସେମାନେ ନିଜର ଆବେଦନକୁ ପ୍ରାଧିକୃତ କର୍ତ୍ତୃପକ୍ଷଙ୍କଠାରୁ ଜାରି କରାଇ ଦାଖଲ କରାଇବା ଆବଶ୍ୟକ । ଓବିସି ପ୍ରମାଣପତ୍ର ସହିତ ପ୍ରାର୍ଥୀଙ୍କୁ ମଧ୍ୟ ଏକ ସ୍ୱୀକୃତି ପ୍ରଦାନ କରିବାକୁ ହେବ ଯେ ସେ ଓବିସି ଅନ୍ତର୍ଭୁକ୍ତ ଅଟନ୍ତି ଏବଂ ଅଣ କ୍ରିମିଲେୟାର ଭିତିରେ ପୂରଣ କରୁଛନ୍ତି । ବିଜ୍ଞାପନ କିମ୍ବା ସଂଶୋଧନ (ଯଦି ଥାଏ) ନୋଟିସରେ ବର୍ଣ୍ଣିତ ଆବେଦନ ଗ୍ରହଣ ପାଇଁ ଶେଷ ତାରିଖକୁ ପ୍ରାର୍ଥୀଙ୍କର ଓବିସି ସ୍ଥିତି ପାଇଁ ତାରିଖ ରୂପେ ବିବେଚନା କରାଯିବ ଏବଂ ଏହା ଧରାଯିବ ଯେ ପ୍ରାର୍ଥୀ କ୍ରିମିଲେୟାର ଅଧୀନରେ ଆସୁନାହାଁନ୍ତି ।

୩.୨. ନିର୍ଦ୍ଦିଷ୍ଟ ବର୍ଗ ପାଇଁ ଯୋଗ୍ୟତାର ମାପଦଣ୍ଡ :

୧. ପ୍ରତିରକ୍ଷା ବର୍ଗ (ଡିପି) : ଭାରତୀୟ ସ୍ଥଳସେନା, ନୌସେନା, ବାୟୁସେନାର ଅବସରପ୍ରାପ୍ତ କର୍ମଚାରୀ / ଶହୀଦଙ୍କ ପରିବାର ସଦସ୍ୟ ଏହି ବର୍ଗ ଅଧୀନରେ ଆବେଦନ କରିପାରିବେ । ସଂପୃକ୍ତ କର୍ତ୍ତୃପକ୍ଷଙ୍କଠାରୁ ପ୍ରଦତ୍ତ ପ୍ରମାଣପତ୍ର ଆବେଦନ ସହିତ ଦାଖଲ କରିବାକୁ ହେବ ।

୨. ଶାରୀରିକ ବିକଳାଙ୍ଗ (ପିଏଚ୍) : ସରକାରୀ ଡାକ୍ତରଖାନାର ମେଡିକାଲ ବୋର୍ଡଙ୍କ ଦ୍ୱାରା ପ୍ରଦତ୍ତ ପ୍ରମାଣପତ୍ର ଅନୁଯାୟୀ ୪୦ ପ୍ରତିଶତ କିମ୍ବା ତଦୂର୍ଦ୍ଧ୍ୱ ଅକ୍ଷମତା ଥିବା ପ୍ରାର୍ଥୀ ଏହି ବର୍ଗରେ ଆବେଦନ କରିପାରିବେ ।

୩. ଉଲ୍ଲେଖନୀୟ କ୍ରୀଡ଼ାବିତ୍ (ଓଏସ୍‌ପି) : ଜାତୀୟ / ଆନ୍ତର୍ଜାତୀୟ ସ୍ତରରେ ଦେଶ ପ୍ରତିନିଧିତ୍ୱ କରିଥିବା କ୍ରୀଡ଼ାବିତ୍‌ମାନେ ସଂପୃକ୍ତ କ୍ରୀଡ଼ା ସଂସ୍ଥାର ପ୍ରମାଣପତ୍ର ସହ ଆବେଦନ କରିପାରିବେ ।

୫. ସଂରକ୍ଷଣ 'ଓ' ବର୍ଗୀୟ ସ୍ଥାନଗୁଡ଼ିକ ନିମନ୍ତେ :

'ଓ' ବର୍ଗ ପାଇଁ ସଂରକ୍ଷିତ ସ୍ଥାନଗୁଡ଼ିକରେ ସମସ୍ତ ବର୍ଗର ପ୍ରାର୍ଥୀ ଆବେଦନ କରିପାରିବେ । ମିଳିତ ବର୍ଗ (ସିସି) ସ୍ଥାନରେ ପିଏଚ୍, ଓଏସ୍‌ପି ଏବଂ ଏଫ୍‌ଏଫ୍ ପ୍ରାର୍ଥୀଙ୍କୁ ଅଗ୍ରାଧିକାର ଦିଆଯିବ ।

୬. ମିଳିତ ବର୍ଗ (ସିସି) ଅଧୀନରେ ଥିବା ସ୍ଥାନ ପାଇଁ :

ପ୍ରତିରକ୍ଷା ବର୍ଗ, ଶାରୀରିକ ବିକଳାଙ୍ଗ, ଉଲ୍ଲେଖନୀୟ କ୍ରୀଡ଼ାବିତ୍ ଏବଂ ସ୍ୱାଧୀନତା ସଂଗ୍ରାମୀ ବର୍ଗର ପ୍ରାର୍ଥୀମାନେ ଆବେଦନ କରିପାରିବେ । ଏହି ବର୍ଗର ଯୋଗ୍ୟ ପ୍ରାର୍ଥୀ ନ ମିଳିଲେ ସ୍ଥାନଟି ସଂପୃକ୍ତ ମୂଳ ବର୍ଗକୁ ହସ୍ତାନ୍ତର କରାଯିବ ।

୯. ଅନୁସୂଚୀ 'ଗ' ଦୃଷ୍ଟବ୍ୟ ଯୋଜନା :

(୧) ପ୍ରାର୍ଥୀମାନେ ଅଧିକ ବିବରଣୀ ପାଇଁ ସଂପୃକ୍ତ ତୈଳ କମ୍ପାନୀର ୱେବସାଇଟ୍ ଦେଖିପାରିବେ ।

(୨) ଗୁରୁତ୍ୱପୂର୍ଣ୍ଣ ସୂଚନା : ଆବେଦନ ଫର୍ମ ଓ ବିସ୍ତୃତ ନିର୍ଦ୍ଦେଶାବଳୀ ସଂପୃକ୍ତ ତୈଳ କମ୍ପାନୀର କାର୍ଯ୍ୟାଳୟରୁ ମଧ୍ୟ ମିଳିପାରିବ ।
